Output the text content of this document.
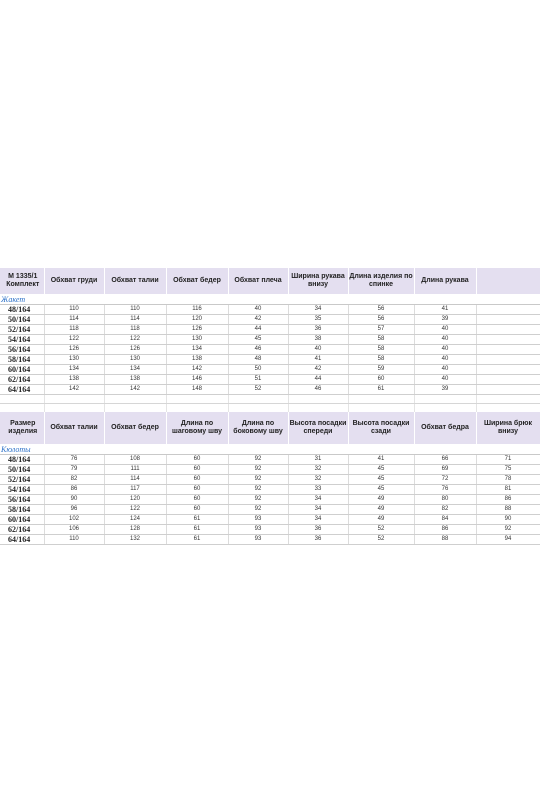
М 1335/1 Комплект	Обхват груди	Обхват талии	Обхват бедер	Обхват плеча	Ширина рукава внизу	Длина изделия по спинке	Длина рукава	
Жакет								
48/164	110	110	116	40	34	56	41	
50/164	114	114	120	42	35	56	39	
52/164	118	118	126	44	36	57	40	
54/164	122	122	130	45	38	58	40	
56/164	126	126	134	46	40	58	40	
58/164	130	130	138	48	41	58	40	
60/164	134	134	142	50	42	59	40	
62/164	138	138	146	51	44	60	40	
64/164	142	142	148	52	46	61	39	

Размер изделия	Обхват талии	Обхват бедер	Длина по шаговому шву	Длина по боковому шву	Высота посадки спереди	Высота посадки сзади	Обхват бедра	Ширина брюк внизу
Кюлоты								
48/164	76	108	60	92	31	41	66	71
50/164	79	111	60	92	32	45	69	75
52/164	82	114	60	92	32	45	72	78
54/164	86	117	60	92	33	45	76	81
56/164	90	120	60	92	34	49	80	86
58/164	96	122	60	92	34	49	82	88
60/164	102	124	61	93	34	49	84	90
62/164	106	128	61	93	36	52	86	92
64/164	110	132	61	93	36	52	88	94
